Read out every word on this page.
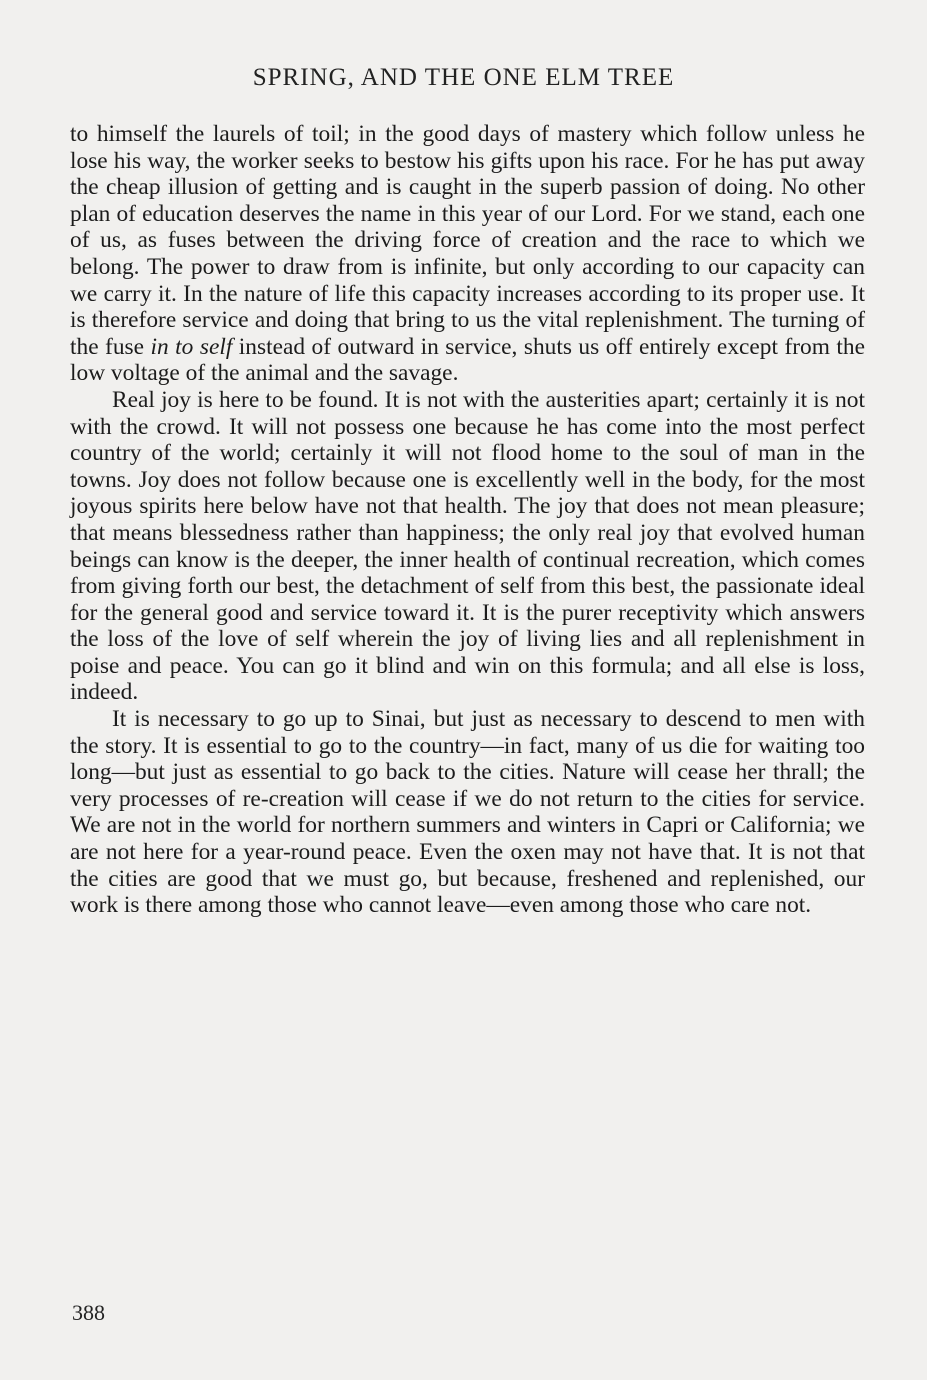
SPRING, AND THE ONE ELM TREE

to himself the laurels of toil; in the good days of mastery which follow unless he lose his way, the worker seeks to bestow his gifts upon his race. For he has put away the cheap illusion of getting and is caught in the superb passion of doing. No other plan of education deserves the name in this year of our Lord. For we stand, each one of us, as fuses between the driving force of creation and the race to which we belong. The power to draw from is infinite, but only according to our capacity can we carry it. In the nature of life this capacity increases according to its proper use. It is therefore service and doing that bring to us the vital replenishment. The turning of the fuse in to self instead of outward in service, shuts us off entirely except from the low voltage of the animal and the savage.

Real joy is here to be found. It is not with the austerities apart; certainly it is not with the crowd. It will not possess one because he has come into the most perfect country of the world; certainly it will not flood home to the soul of man in the towns. Joy does not follow because one is excellently well in the body, for the most joyous spirits here below have not that health. The joy that does not mean pleasure; that means blessedness rather than happiness; the only real joy that evolved human beings can know is the deeper, the inner health of continual recreation, which comes from giving forth our best, the detachment of self from this best, the passionate ideal for the general good and service toward it. It is the purer receptivity which answers the loss of the love of self wherein the joy of living lies and all replenishment in poise and peace. You can go it blind and win on this formula; and all else is loss, indeed.

It is necessary to go up to Sinai, but just as necessary to descend to men with the story. It is essential to go to the country—in fact, many of us die for waiting too long—but just as essential to go back to the cities. Nature will cease her thrall; the very processes of re-creation will cease if we do not return to the cities for service. We are not in the world for northern summers and winters in Capri or California; we are not here for a year-round peace. Even the oxen may not have that. It is not that the cities are good that we must go, but because, freshened and replenished, our work is there among those who cannot leave—even among those who care not.

388
